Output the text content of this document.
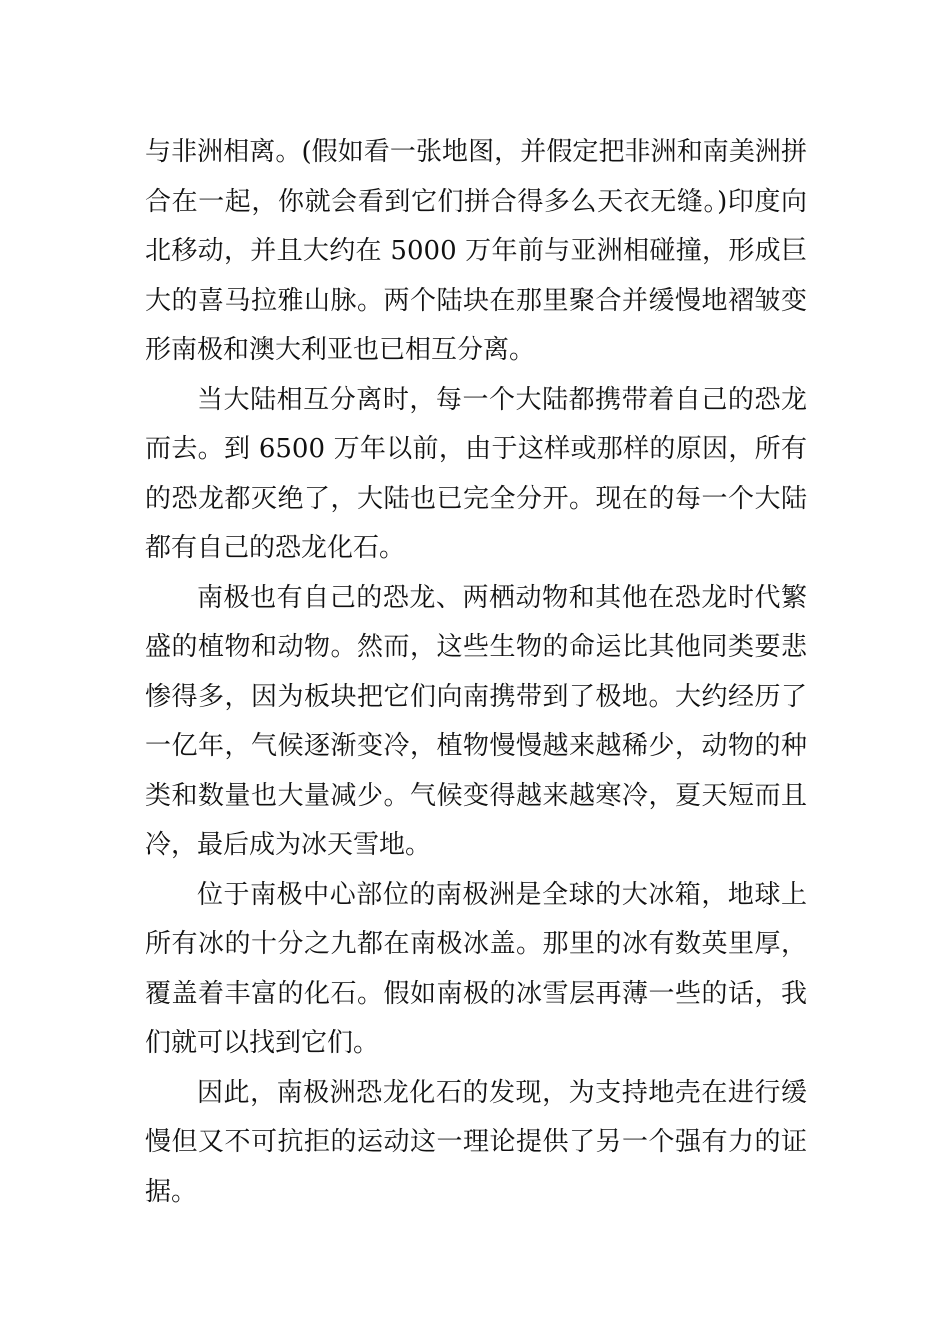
与非洲相离。(假如看一张地图，并假定把非洲和南美洲拼合在一起，你就会看到它们拼合得多么天衣无缝。)印度向北移动，并且大约在 5000 万年前与亚洲相碰撞，形成巨大的喜马拉雅山脉。两个陆块在那里聚合并缓慢地褶皱变形南极和澳大利亚也已相互分离。

当大陆相互分离时，每一个大陆都携带着自己的恐龙而去。到 6500 万年以前，由于这样或那样的原因，所有的恐龙都灭绝了，大陆也已完全分开。现在的每一个大陆都有自己的恐龙化石。

南极也有自己的恐龙、两栖动物和其他在恐龙时代繁盛的植物和动物。然而，这些生物的命运比其他同类要悲惨得多，因为板块把它们向南携带到了极地。大约经历了一亿年，气候逐渐变冷，植物慢慢越来越稀少，动物的种类和数量也大量减少。气候变得越来越寒冷，夏天短而且冷，最后成为冰天雪地。

位于南极中心部位的南极洲是全球的大冰箱，地球上所有冰的十分之九都在南极冰盖。那里的冰有数英里厚，覆盖着丰富的化石。假如南极的冰雪层再薄一些的话，我们就可以找到它们。

因此，南极洲恐龙化石的发现，为支持地壳在进行缓慢但又不可抗拒的运动这一理论提供了另一个强有力的证据。
